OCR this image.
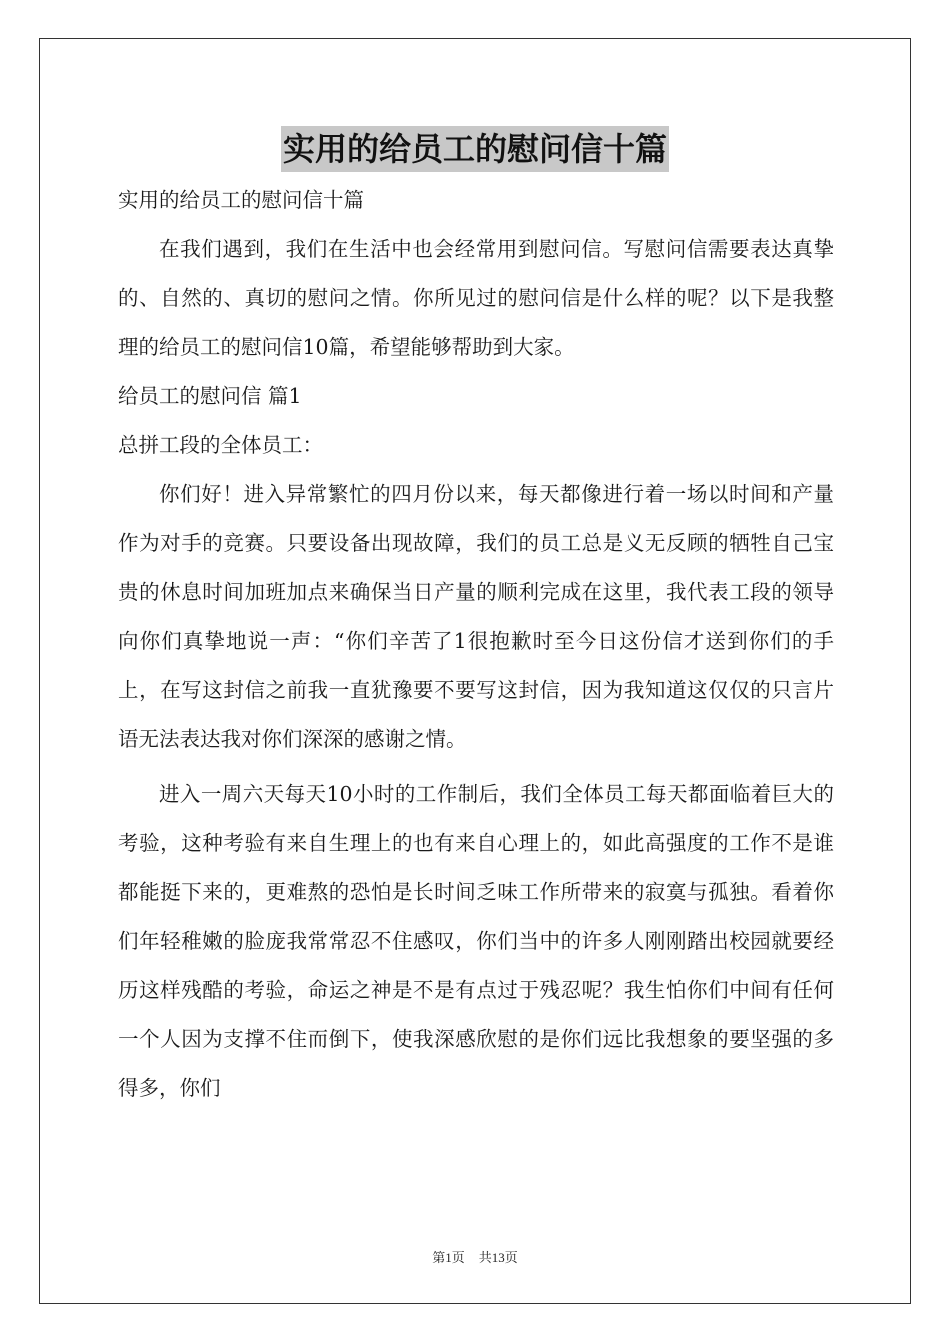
实用的给员工的慰问信十篇

实用的给员工的慰问信十篇

在我们遇到，我们在生活中也会经常用到慰问信。写慰问信需要表达真挚的、自然的、真切的慰问之情。你所见过的慰问信是什么样的呢？以下是我整理的给员工的慰问信10篇，希望能够帮助到大家。

给员工的慰问信 篇1

总拼工段的全体员工：

你们好！进入异常繁忙的四月份以来，每天都像进行着一场以时间和产量作为对手的竞赛。只要设备出现故障，我们的员工总是义无反顾的牺牲自己宝贵的休息时间加班加点来确保当日产量的顺利完成在这里，我代表工段的领导向你们真挚地说一声：“你们辛苦了1很抱歉时至今日这份信才送到你们的手上，在写这封信之前我一直犹豫要不要写这封信，因为我知道这仅仅的只言片语无法表达我对你们深深的感谢之情。

进入一周六天每天10小时的工作制后，我们全体员工每天都面临着巨大的考验，这种考验有来自生理上的也有来自心理上的，如此高强度的工作不是谁都能挺下来的，更难熬的恐怕是长时间乏味工作所带来的寂寞与孤独。看着你们年轻稚嫩的脸庞我常常忍不住感叹，你们当中的许多人刚刚踏出校园就要经历这样残酷的考验，命运之神是不是有点过于残忍呢？我生怕你们中间有任何一个人因为支撑不住而倒下，使我深感欣慰的是你们远比我想象的要坚强的多得多，你们

第1页 共13页
